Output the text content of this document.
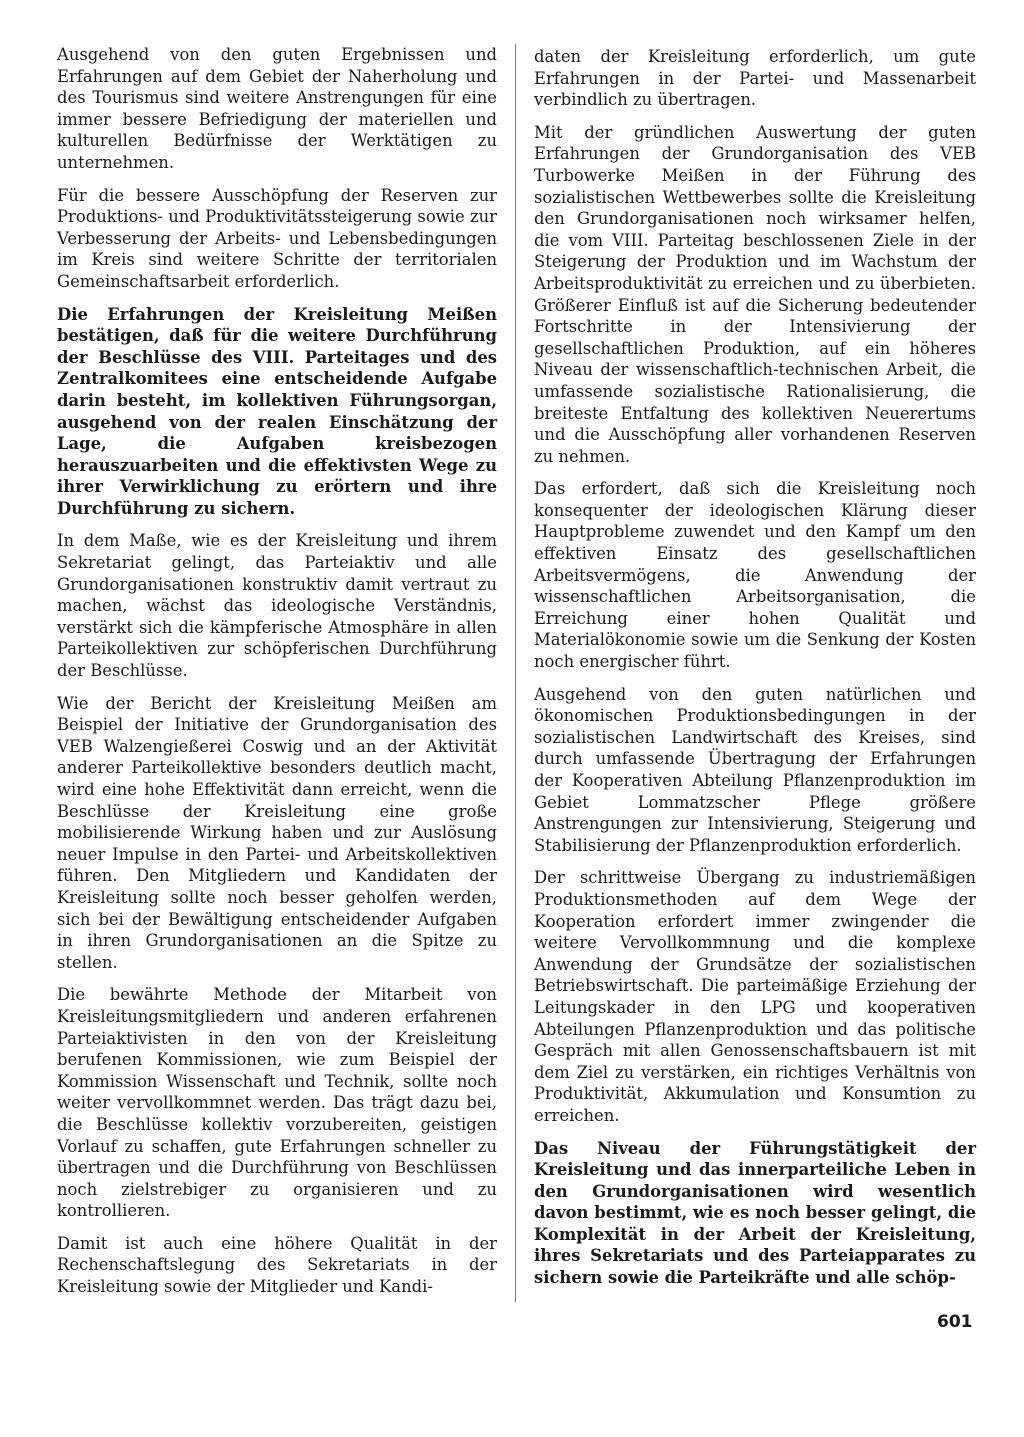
Ausgehend von den guten Ergebnissen und Erfahrungen auf dem Gebiet der Naherholung und des Tourismus sind weitere Anstrengungen für eine immer bessere Befriedigung der materiellen und kulturellen Bedürfnisse der Werktätigen zu unternehmen.

Für die bessere Ausschöpfung der Reserven zur Produktions- und Produktivitätssteigerung sowie zur Verbesserung der Arbeits- und Lebensbedingungen im Kreis sind weitere Schritte der territorialen Gemeinschaftsarbeit erforderlich.

Die Erfahrungen der Kreisleitung Meißen bestätigen, daß für die weitere Durchführung der Beschlüsse des VIII. Parteitages und des Zentralkomitees eine entscheidende Aufgabe darin besteht, im kollektiven Führungsorgan, ausgehend von der realen Einschätzung der Lage, die Aufgaben kreisbezogen herauszuarbeiten und die effektivsten Wege zu ihrer Verwirklichung zu erörtern und ihre Durchführung zu sichern.

In dem Maße, wie es der Kreisleitung und ihrem Sekretariat gelingt, das Parteiaktiv und alle Grundorganisationen konstruktiv damit vertraut zu machen, wächst das ideologische Verständnis, verstärkt sich die kämpferische Atmosphäre in allen Parteikollektiven zur schöpferischen Durchführung der Beschlüsse.

Wie der Bericht der Kreisleitung Meißen am Beispiel der Initiative der Grundorganisation des VEB Walzengießerei Coswig und an der Aktivität anderer Parteikollektive besonders deutlich macht, wird eine hohe Effektivität dann erreicht, wenn die Beschlüsse der Kreisleitung eine große mobilisierende Wirkung haben und zur Auslösung neuer Impulse in den Partei- und Arbeitskollektiven führen. Den Mitgliedern und Kandidaten der Kreisleitung sollte noch besser geholfen werden, sich bei der Bewältigung entscheidender Aufgaben in ihren Grundorganisationen an die Spitze zu stellen.

Die bewährte Methode der Mitarbeit von Kreisleitungsmitgliedern und anderen erfahrenen Parteiaktivisten in den von der Kreisleitung berufenen Kommissionen, wie zum Beispiel der Kommission Wissenschaft und Technik, sollte noch weiter vervollkommnet werden. Das trägt dazu bei, die Beschlüsse kollektiv vorzubereiten, geistigen Vorlauf zu schaffen, gute Erfahrungen schneller zu übertragen und die Durchführung von Beschlüssen noch zielstrebiger zu organisieren und zu kontrollieren.

Damit ist auch eine höhere Qualität in der Rechenschaftslegung des Sekretariats in der Kreisleitung sowie der Mitglieder und Kandi-

daten der Kreisleitung erforderlich, um gute Erfahrungen in der Partei- und Massenarbeit verbindlich zu übertragen.

Mit der gründlichen Auswertung der guten Erfahrungen der Grundorganisation des VEB Turbowerke Meißen in der Führung des sozialistischen Wettbewerbes sollte die Kreisleitung den Grundorganisationen noch wirksamer helfen, die vom VIII. Parteitag beschlossenen Ziele in der Steigerung der Produktion und im Wachstum der Arbeitsproduktivität zu erreichen und zu überbieten. Größerer Einfluß ist auf die Sicherung bedeutender Fortschritte in der Intensivierung der gesellschaftlichen Produktion, auf ein höheres Niveau der wissenschaftlich-technischen Arbeit, die umfassende sozialistische Rationalisierung, die breiteste Entfaltung des kollektiven Neuerertums und die Ausschöpfung aller vorhandenen Reserven zu nehmen.

Das erfordert, daß sich die Kreisleitung noch konsequenter der ideologischen Klärung dieser Hauptprobleme zuwendet und den Kampf um den effektiven Einsatz des gesellschaftlichen Arbeitsvermögens, die Anwendung der wissenschaftlichen Arbeitsorganisation, die Erreichung einer hohen Qualität und Materialökonomie sowie um die Senkung der Kosten noch energischer führt.

Ausgehend von den guten natürlichen und ökonomischen Produktionsbedingungen in der sozialistischen Landwirtschaft des Kreises, sind durch umfassende Übertragung der Erfahrungen der Kooperativen Abteilung Pflanzenproduktion im Gebiet Lommatzscher Pflege größere Anstrengungen zur Intensivierung, Steigerung und Stabilisierung der Pflanzenproduktion erforderlich.

Der schrittweise Übergang zu industriemäßigen Produktionsmethoden auf dem Wege der Kooperation erfordert immer zwingender die weitere Vervollkommnung und die komplexe Anwendung der Grundsätze der sozialistischen Betriebswirtschaft. Die parteimäßige Erziehung der Leitungskader in den LPG und kooperativen Abteilungen Pflanzenproduktion und das politische Gespräch mit allen Genossenschaftsbauern ist mit dem Ziel zu verstärken, ein richtiges Verhältnis von Produktivität, Akkumulation und Konsumtion zu erreichen.

Das Niveau der Führungstätigkeit der Kreisleitung und das innerparteiliche Leben in den Grundorganisationen wird wesentlich davon bestimmt, wie es noch besser gelingt, die Komplexität in der Arbeit der Kreisleitung, ihres Sekretariats und des Parteiapparates zu sichern sowie die Parteikräfte und alle schöp-

601
